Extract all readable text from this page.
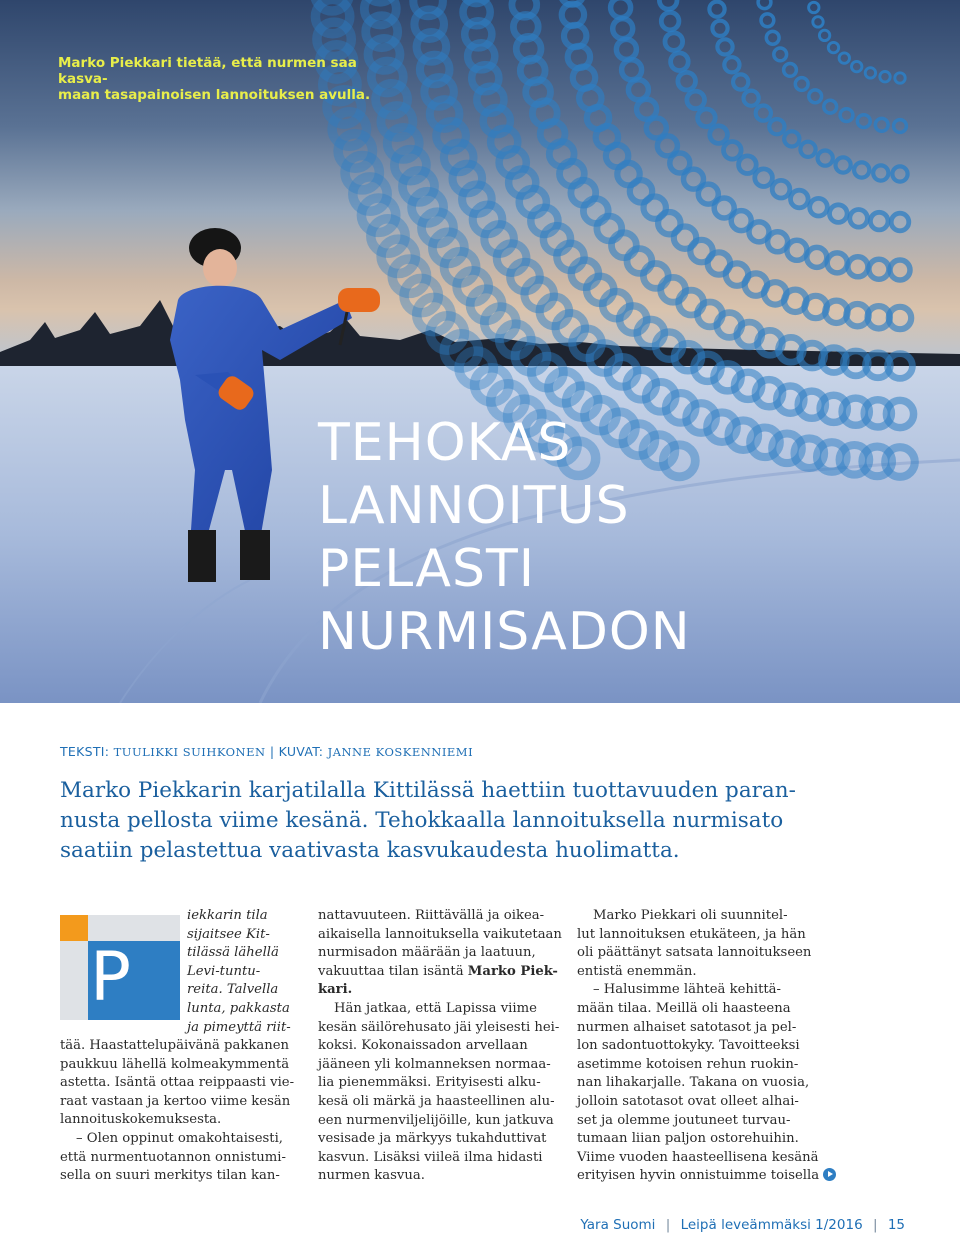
Marko Piekkari tietää, että nurmen saa kasva-
maan tasapainoisen lannoituksen avulla.

TEHOKAS
LANNOITUS
PELASTI
NURMISADON
TEKSTI: TUULIKKI SUIHKONEN | KUVAT: JANNE KOSKENNIEMI

Marko Piekkarin karjatilalla Kittilässä haettiin tuottavuuden paran-
nusta pellosta viime kesänä. Tehokkaalla lannoituksella nurmisato
saatiin pelastettua vaativasta kasvukaudesta huolimatta.

P

iekkarin tila

sijaitsee Kit-

tilässä lähellä

Levi-tuntu-

reita. Talvella

lunta, pakkasta

ja pimeyttä riit-

tää. Haastattelupäivänä pakkanen

paukkuu lähellä kolmeakymmentä

astetta. Isäntä ottaa reippaasti vie-

raat vastaan ja kertoo viime kesän

lannoituskokemuksesta.

– Olen oppinut omakohtaisesti,

että nurmentuotannon onnistumi-

sella on suuri merkitys tilan kan-

nattavuuteen. Riittävällä ja oikea-

aikaisella lannoituksella vaikutetaan

nurmisadon määrään ja laatuun,

vakuuttaa tilan isäntä Marko Piek-

kari.

Hän jatkaa, että Lapissa viime

kesän säilörehusato jäi yleisesti hei-

koksi. Kokonaissadon arvellaan

jääneen yli kolmanneksen normaa-

lia pienemmäksi. Erityisesti alku-

kesä oli märkä ja haasteellinen alu-

een nurmenviljelijöille, kun jatkuva

vesisade ja märkyys tukahduttivat

kasvun. Lisäksi viileä ilma hidasti

nurmen kasvua.

Marko Piekkari oli suunnitel-

lut lannoituksen etukäteen, ja hän

oli päättänyt satsata lannoitukseen

entistä enemmän.

– Halusimme lähteä kehittä-

mään tilaa. Meillä oli haasteena

nurmen alhaiset satotasot ja pel-

lon sadontuottokyky. Tavoitteeksi

asetimme kotoisen rehun ruokin-

nan lihakarjalle. Takana on vuosia,

jolloin satotasot ovat olleet alhai-

set ja olemme joutuneet turvau-

tumaan liian paljon ostorehuihin.

Viime vuoden haasteellisena kesänä

erityisen hyvin onnistuimme toisella

Yara Suomi | Leipä leveämmäksi 1/2016 | 15
